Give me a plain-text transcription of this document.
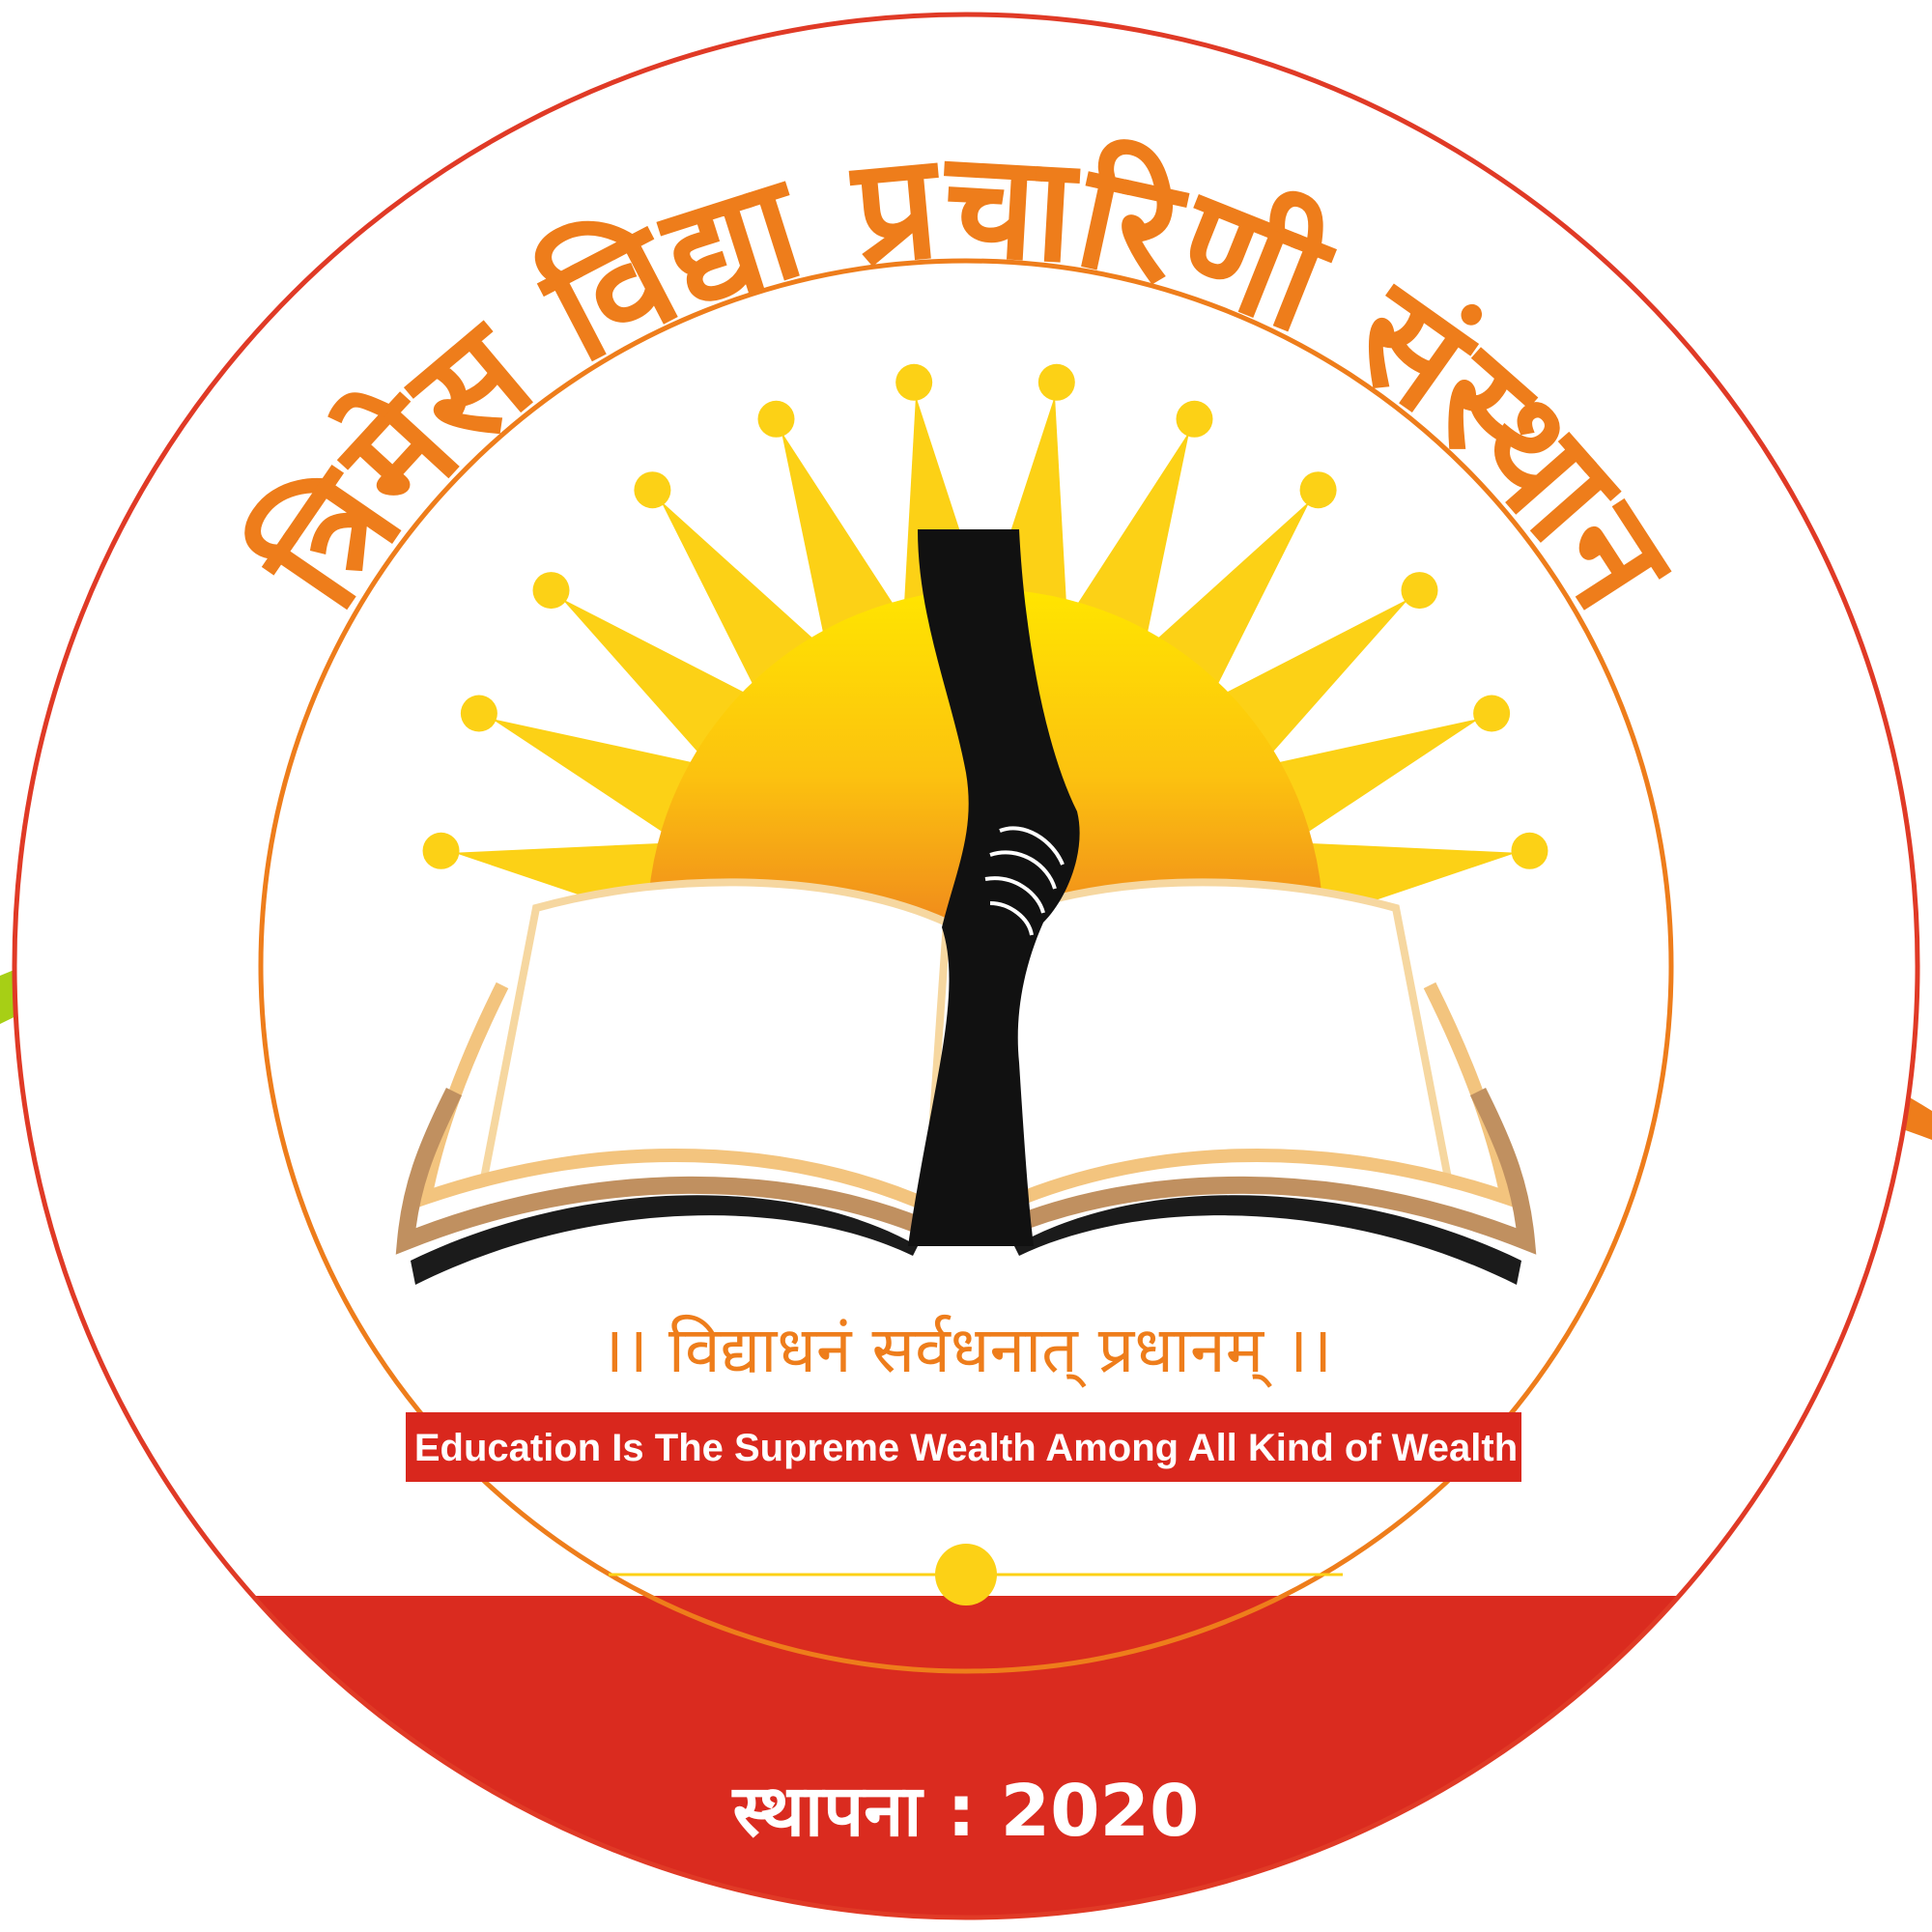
त्रिमेस विद्या प्रचारिणी संस्थान
।। विद्याधनं सर्वधनात् प्रधानम् ।।
Education Is The Supreme Wealth Among All Kind of Wealth
स्थापना : 2020
